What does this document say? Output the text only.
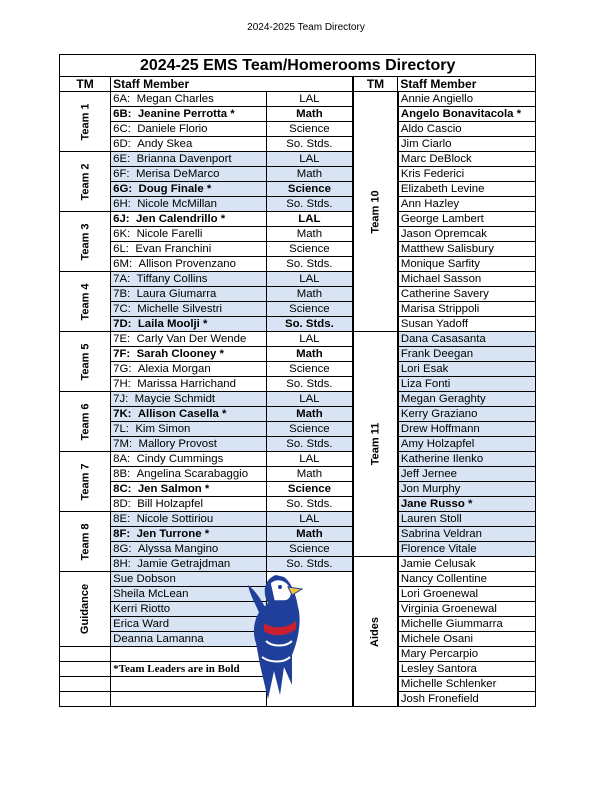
2024-2025 Team Directory
2024-25 EMS Team/Homerooms Directory				
TM	Staff Member		TM	Staff Member
Team 1	6A: Megan Charles	LAL	Team 10	Annie Angiello
	6B: Jeanine Perrotta *	Math		Angelo Bonavitacola *
	6C: Daniele Florio	Science		Aldo Cascio
	6D: Andy Skea	So. Stds.		Jim Ciarlo
Team 2	6E: Brianna Davenport	LAL		Marc DeBlock
	6F: Merisa DeMarco	Math		Kris Federici
	6G: Doug Finale *	Science		Elizabeth Levine
	6H: Nicole McMillan	So. Stds.		Ann Hazley
Team 3	6J: Jen Calendrillo *	LAL		George Lambert
	6K: Nicole Farelli	Math		Jason Opremcak
	6L: Evan Franchini	Science		Matthew Salisbury
	6M: Allison Provenzano	So. Stds.		Monique Sarfity
Team 4	7A: Tiffany Collins	LAL		Michael Sasson
	7B: Laura Giumarra	Math		Catherine Savery
	7C: Michelle Silvestri	Science		Marisa Strippoli
	7D: Laila Moolji *	So. Stds.		Susan Yadoff
Team 5	7E: Carly Van Der Wende	LAL	Team 11	Dana Casasanta
	7F: Sarah Clooney *	Math		Frank Deegan
	7G: Alexia Morgan	Science		Lori Esak
	7H: Marissa Harrichand	So. Stds.		Liza Fonti
Team 6	7J: Maycie Schmidt	LAL		Megan Geraghty
	7K: Allison Casella *	Math		Kerry Graziano
	7L: Kim Simon	Science		Drew Hoffmann
	7M: Mallory Provost	So. Stds.		Amy Holzapfel
Team 7	8A: Cindy Cummings	LAL		Katherine Ilenko
	8B: Angelina Scarabaggio	Math		Jeff Jernee
	8C: Jen Salmon *	Science		Jon Murphy
	8D: Bill Holzapfel	So. Stds.		Jane Russo *
Team 8	8E: Nicole Sottiriou	LAL		Lauren Stoll
	8F: Jen Turrone *	Math		Sabrina Veldran
	8G: Alyssa Mangino	Science		Florence Vitale
	8H: Jamie Getrajdman	So. Stds.	Aides	Jamie Celusak
Guidance	Sue Dobson			Nancy Collentine
	Sheila McLean			Lori Groenewal
	Kerri Riotto			Virginia Groenewal
	Erica Ward			Michelle Giummarra
	Deanna Lamanna			Michele Osani
				Mary Percarpio
	*Team Leaders are in Bold			Lesley Santora
				Michelle Schlenker
				Josh Fronefield
